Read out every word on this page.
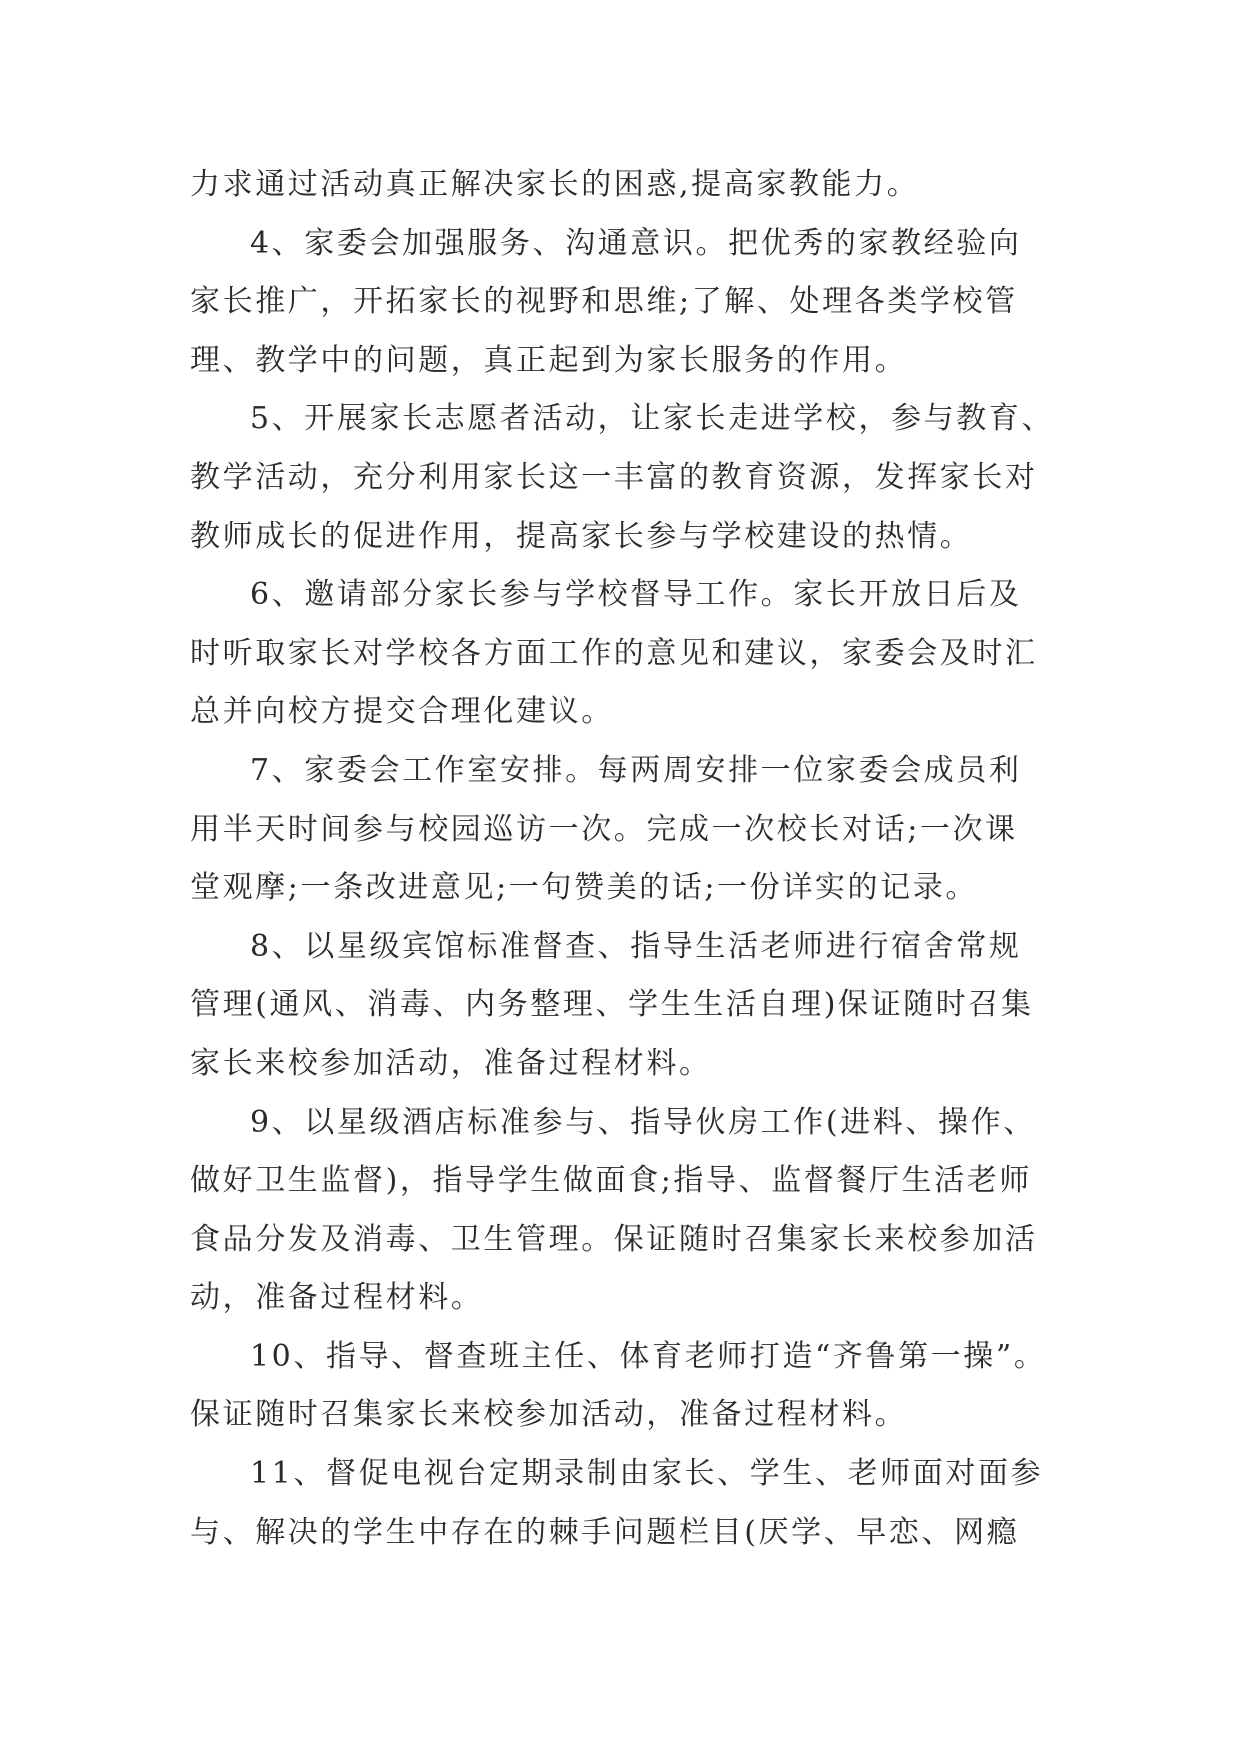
力求通过活动真正解决家长的困惑,提高家教能力。
4、家委会加强服务、沟通意识。把优秀的家教经验向
家长推广，开拓家长的视野和思维;了解、处理各类学校管
理、教学中的问题，真正起到为家长服务的作用。
5、开展家长志愿者活动，让家长走进学校，参与教育、
教学活动，充分利用家长这一丰富的教育资源，发挥家长对
教师成长的促进作用，提高家长参与学校建设的热情。
6、邀请部分家长参与学校督导工作。家长开放日后及
时听取家长对学校各方面工作的意见和建议，家委会及时汇
总并向校方提交合理化建议。
7、家委会工作室安排。每两周安排一位家委会成员利
用半天时间参与校园巡访一次。完成一次校长对话;一次课
堂观摩;一条改进意见;一句赞美的话;一份详实的记录。
8、以星级宾馆标准督查、指导生活老师进行宿舍常规
管理(通风、消毒、内务整理、学生生活自理)保证随时召集
家长来校参加活动，准备过程材料。
9、以星级酒店标准参与、指导伙房工作(进料、操作、
做好卫生监督)，指导学生做面食;指导、监督餐厅生活老师
食品分发及消毒、卫生管理。保证随时召集家长来校参加活
动，准备过程材料。
10、指导、督查班主任、体育老师打造“齐鲁第一操”。
保证随时召集家长来校参加活动，准备过程材料。
11、督促电视台定期录制由家长、学生、老师面对面参
与、解决的学生中存在的棘手问题栏目(厌学、早恋、网瘾
